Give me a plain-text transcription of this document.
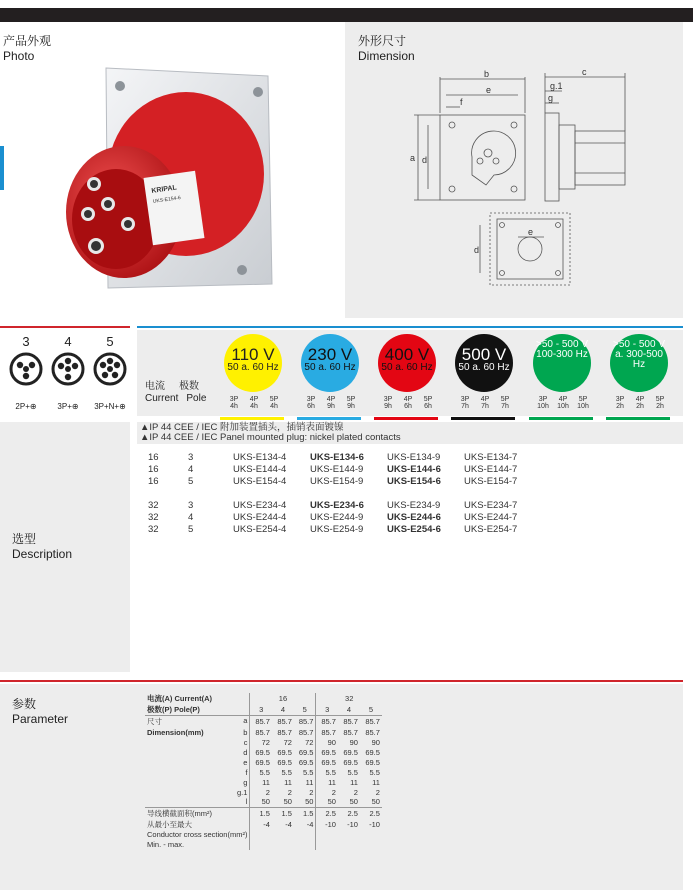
产品外观
Photo
KRIPAL
UKS-E154-6
外形尺寸
Dimension
b
e
f
a d
c
g.1
g
e
d
3
2P+⊕
4
3P+⊕
5
3P+N+⊕
电流 极数
Current Pole
110 V
50 a. 60 Hz
3P 4P 5P
4h 4h 4h
230 V
50 a. 60 Hz
3P 4P 5P
6h 9h 9h
400 V
50 a. 60 Hz
3P 4P 5P
9h 6h 6h
500 V
50 a. 60 Hz
3P 4P 5P
7h 7h 7h
>50 - 500 V
100-300 Hz
3P 4P 5P
10h 10h 10h
>50 - 500 V
a. 300-500 Hz
3P 4P 5P
2h 2h 2h
选型
Description
▲IP 44 CEE / IEC 附加装置插头，插销表面镀镍
▲IP 44 CEE / IEC Panel mounted plug: nickel plated contacts
16	3	UKS-E134-4 UKS-E134-6 UKS-E134-9 UKS-E134-7
16	4	UKS-E144-4 UKS-E144-9 UKS-E144-6 UKS-E144-7
16	5	UKS-E154-4 UKS-E154-9 UKS-E154-6 UKS-E154-7
32	3	UKS-E234-4 UKS-E234-6 UKS-E234-9 UKS-E234-7
32	4	UKS-E244-4 UKS-E244-9 UKS-E244-6 UKS-E244-7
32	5	UKS-E254-4 UKS-E254-9 UKS-E254-6 UKS-E254-7
参数
Parameter
电流(A) Current(A)	16			32		
极数(P) Pole(P)	3	4	5	3	4	5

尺寸 a	85.7	85.7	85.7	85.7	85.7	85.7

Dimension(mm) b	85.7	85.7	85.7	85.7	85.7	85.7

c	72	72	72	90	90	90

d	69.5	69.5	69.5	69.5	69.5	69.5

e	69.5	69.5	69.5	69.5	69.5	69.5

f	5.5	5.5	5.5	5.5	5.5	5.5

g	11	11	11	11	11	11

g.1	2	2	2	2	2	2

l	50	50	50	50	50	50
导线横截面积(mm²)	1.5	1.5	1.5	2.5	2.5	2.5
从最小至最大	-4	-4	-4	-10	-10	-10
Conductor cross section(mm²)						
Min. - max.						
